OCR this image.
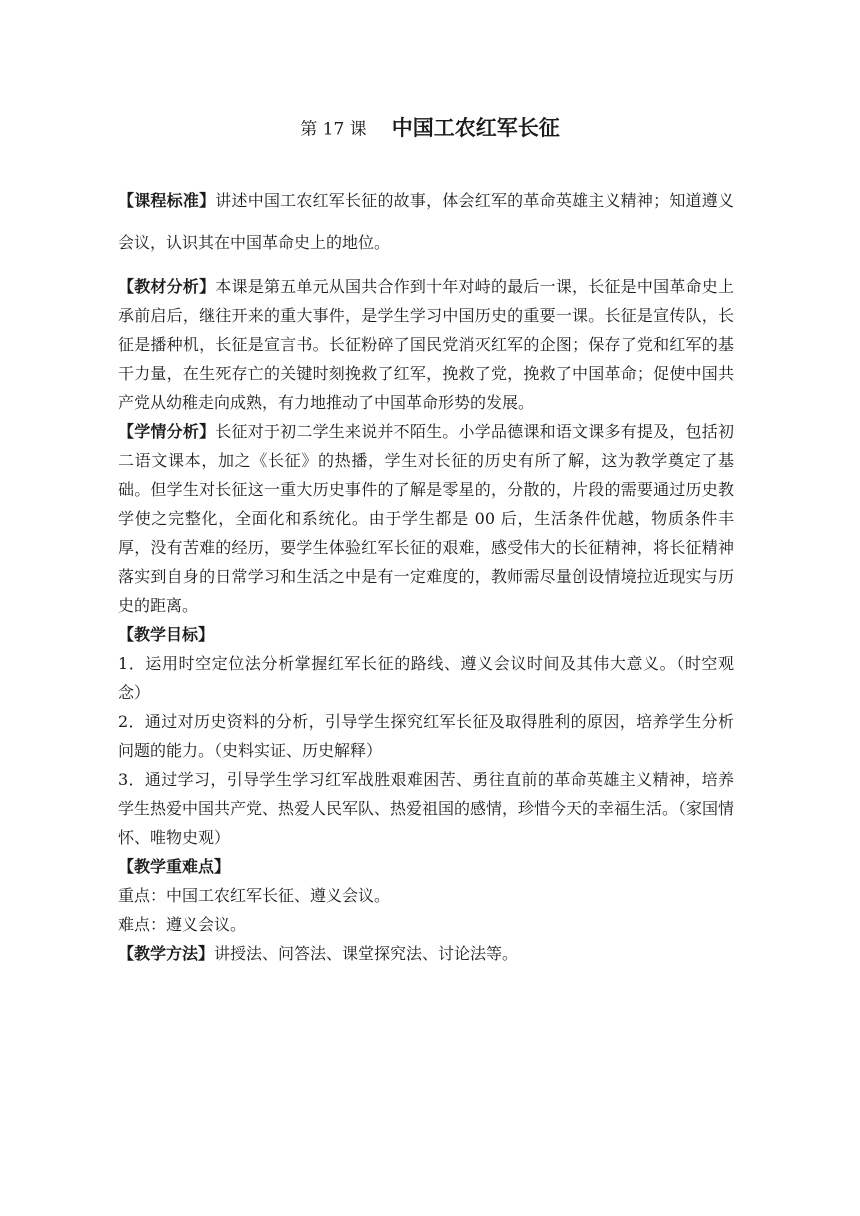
第 17 课 中国工农红军长征

【课程标准】讲述中国工农红军长征的故事，体会红军的革命英雄主义精神；知道遵义会议，认识其在中国革命史上的地位。

【教材分析】本课是第五单元从国共合作到十年对峙的最后一课，长征是中国革命史上承前启后，继往开来的重大事件，是学生学习中国历史的重要一课。长征是宣传队，长征是播种机，长征是宣言书。长征粉碎了国民党消灭红军的企图；保存了党和红军的基干力量，在生死存亡的关键时刻挽救了红军，挽救了党，挽救了中国革命；促使中国共产党从幼稚走向成熟，有力地推动了中国革命形势的发展。

【学情分析】长征对于初二学生来说并不陌生。小学品德课和语文课多有提及，包括初二语文课本，加之《长征》的热播，学生对长征的历史有所了解，这为教学奠定了基础。但学生对长征这一重大历史事件的了解是零星的，分散的，片段的需要通过历史教学使之完整化，全面化和系统化。由于学生都是 00 后，生活条件优越，物质条件丰厚，没有苦难的经历，要学生体验红军长征的艰难，感受伟大的长征精神，将长征精神落实到自身的日常学习和生活之中是有一定难度的，教师需尽量创设情境拉近现实与历史的距离。

【教学目标】

1．运用时空定位法分析掌握红军长征的路线、遵义会议时间及其伟大意义。（时空观念）

2．通过对历史资料的分析，引导学生探究红军长征及取得胜利的原因，培养学生分析问题的能力。（史料实证、历史解释）

3．通过学习，引导学生学习红军战胜艰难困苦、勇往直前的革命英雄主义精神，培养学生热爱中国共产党、热爱人民军队、热爱祖国的感情，珍惜今天的幸福生活。（家国情怀、唯物史观）

【教学重难点】

重点：中国工农红军长征、遵义会议。

难点：遵义会议。

【教学方法】讲授法、问答法、课堂探究法、讨论法等。
